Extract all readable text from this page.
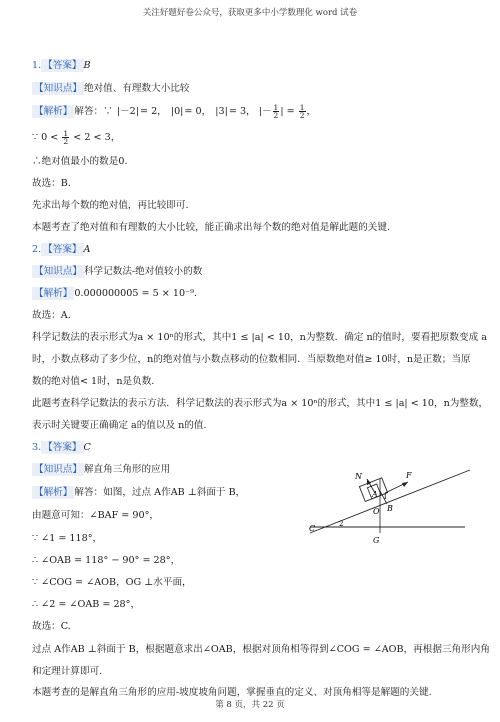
关注好题好卷公众号，获取更多中小学数理化 word 试卷
1. 【答案】 B
【知识点】 绝对值、有理数大小比较
【解析】 解答：∵ |－2|= 2， |0|= 0， |3|= 3， |－ $\frac{1}{2}$ | = $\frac{1}{2}$ ，
∵ $0 < \frac{1}{2} < 2 < 3$，
∴绝对值最小的数是0.
故选：B.
先求出每个数的绝对值，再比较即可.
本题考查了绝对值和有理数的大小比较，能正确求出每个数的绝对值是解此题的关键.
2. 【答案】 A
【知识点】 科学记数法-绝对值较小的数
【解析】 0.000000005 = 5 × 10⁻⁹.
故选：A.
科学记数法的表示形式为a × 10ⁿ的形式，其中1 ≤ |a| < 10，n为整数．确定 n的值时，要看把原数变成 a
时，小数点移动了多少位，n的绝对值与小数点移动的位数相同．当原数绝对值≥ 10时，n是正数；当原
数的绝对值< 1时，n是负数.
此题考查科学记数法的表示方法．科学记数法的表示形式为a × 10ⁿ的形式，其中1 ≤ |a| < 10，n为整数，
表示时关键要正确确定 a的值以及 n的值.
3. 【答案】 C
【知识点】 解直角三角形的应用
【解析】 解答：如图，过点 A作AB ⊥斜面于 B，
由题意可知：∠BAF = 90°，
∵ ∠1 = 118°，
∴ ∠OAB = 118° − 90° = 28°，
∵ ∠COG = ∠AOB，OG ⊥水平面，
∴ ∠2 = ∠OAB = 28°，
故选：C.
过点 A作AB ⊥斜面于 B，根据题意求出∠OAB，根据对顶角相等得到∠COG = ∠AOB，再根据三角形内角
和定理计算即可.
本题考查的是解直角三角形的应用-坡度坡角问题，掌握垂直的定义、对顶角相等是解题的关键.
N
A
F
1
O B
C	2
G
第 8 页，共 22 页
